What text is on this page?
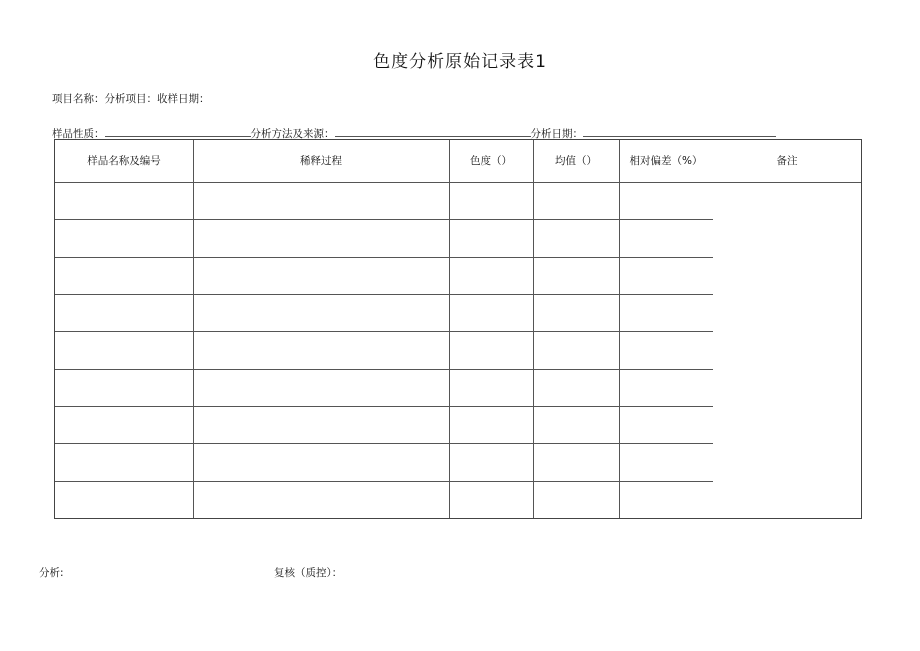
色度分析原始记录表1
项目名称：分析项目：收样日期：
样品性质：	分析方法及来源：	分析日期：
样品名称及编号	稀释过程	色度（）	均值（）	相对偏差（%）	备注
分析:	复核（质控）：
